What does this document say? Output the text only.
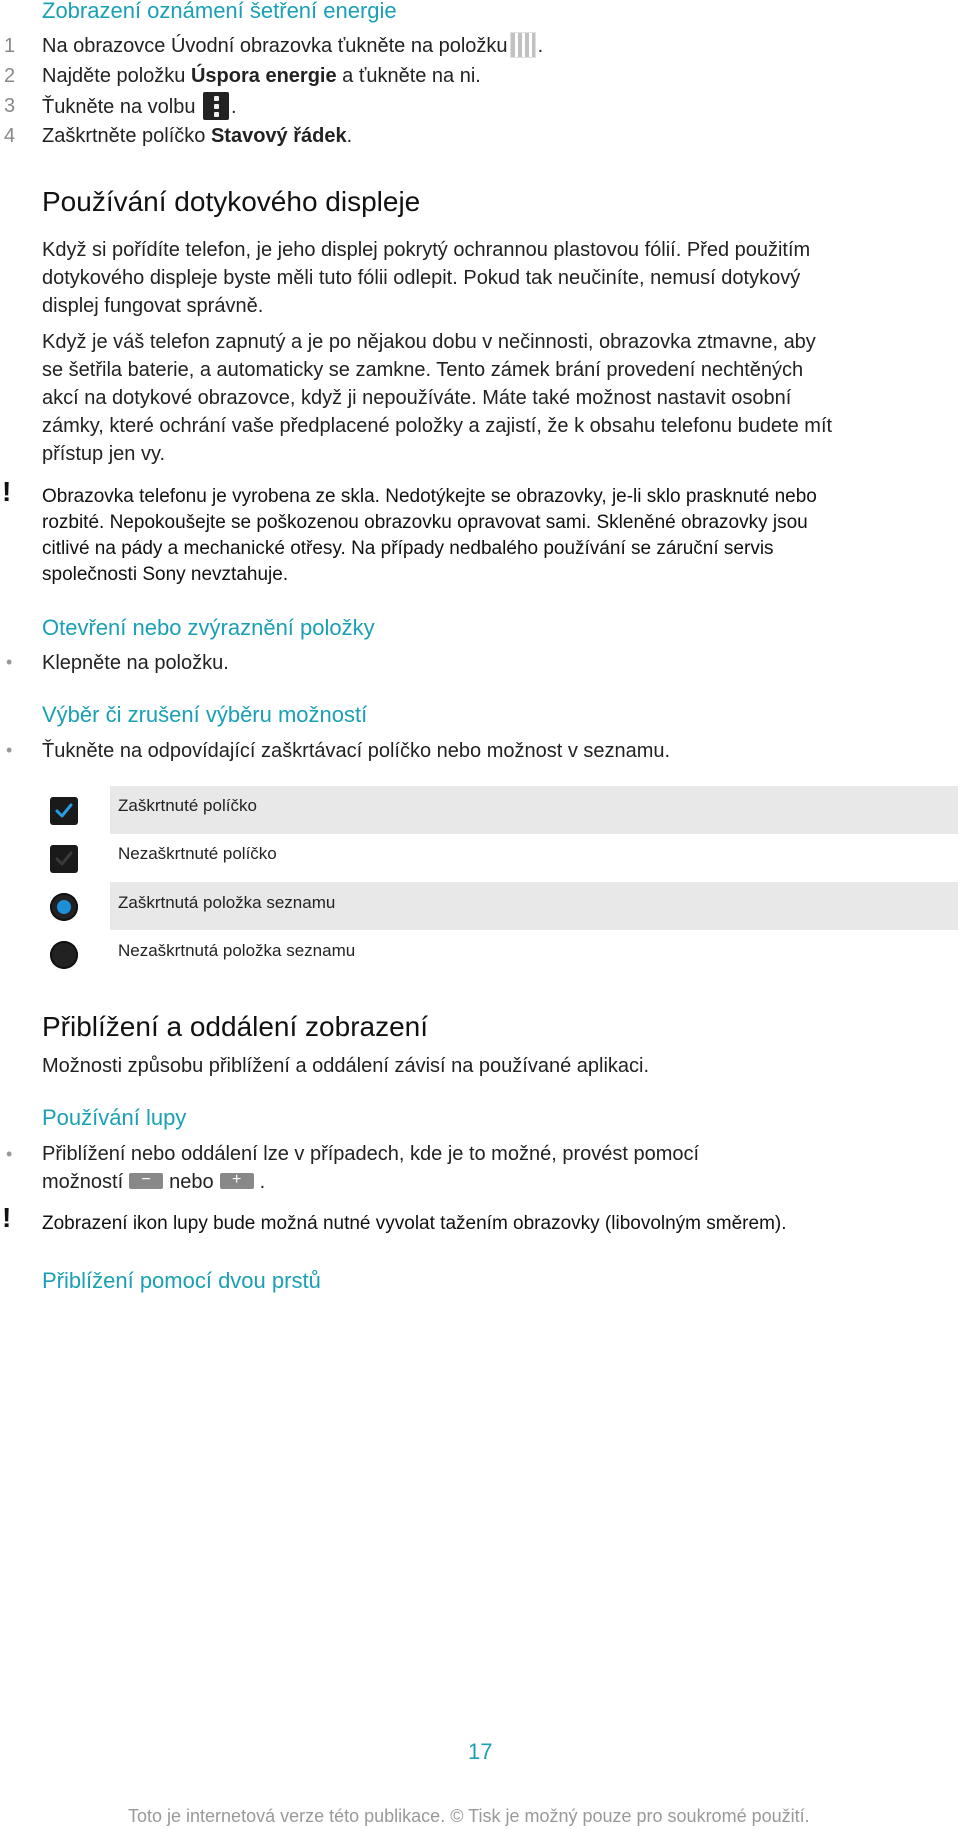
Zobrazení oznámení šetření energie
1 Na obrazovce Úvodní obrazovka ťukněte na položku .
2 Najděte položku Úspora energie a ťukněte na ni.
3 Ťukněte na volbu .
4 Zaškrtněte políčko Stavový řádek.
Používání dotykového displeje

Když si pořídíte telefon, je jeho displej pokrytý ochrannou plastovou fólií. Před použitím

dotykového displeje byste měli tuto fólii odlepit. Pokud tak neučiníte, nemusí dotykový

displej fungovat správně.

Když je váš telefon zapnutý a je po nějakou dobu v nečinnosti, obrazovka ztmavne, aby

se šetřila baterie, a automaticky se zamkne. Tento zámek brání provedení nechtěných

akcí na dotykové obrazovce, když ji nepoužíváte. Máte také možnost nastavit osobní

zámky, které ochrání vaše předplacené položky a zajistí, že k obsahu telefonu budete mít

přístup jen vy.

! Obrazovka telefonu je vyrobena ze skla. Nedotýkejte se obrazovky, je-li sklo prasknuté nebo

rozbité. Nepokoušejte se poškozenou obrazovku opravovat sami. Skleněné obrazovky jsou

citlivé na pády a mechanické otřesy. Na případy nedbalého používání se záruční servis

společnosti Sony nevztahuje.

Otevření nebo zvýraznění položky
• Klepněte na položku.
Výběr či zrušení výběru možností
• Ťukněte na odpovídající zaškrtávací políčko nebo možnost v seznamu.
Zaškrtnuté políčko
Nezaškrtnuté políčko
Zaškrtnutá položka seznamu
Nezaškrtnutá položka seznamu
Přiblížení a oddálení zobrazení
Možnosti způsobu přiblížení a oddálení závisí na používané aplikaci.
Používání lupy
• Přiblížení nebo oddálení lze v případech, kde je to možné, provést pomocí

možností	− nebo	+ .

! Zobrazení ikon lupy bude možná nutné vyvolat tažením obrazovky (libovolným směrem).
Přiblížení pomocí dvou prstů
17
Toto je internetová verze této publikace. © Tisk je možný pouze pro soukromé použití.
